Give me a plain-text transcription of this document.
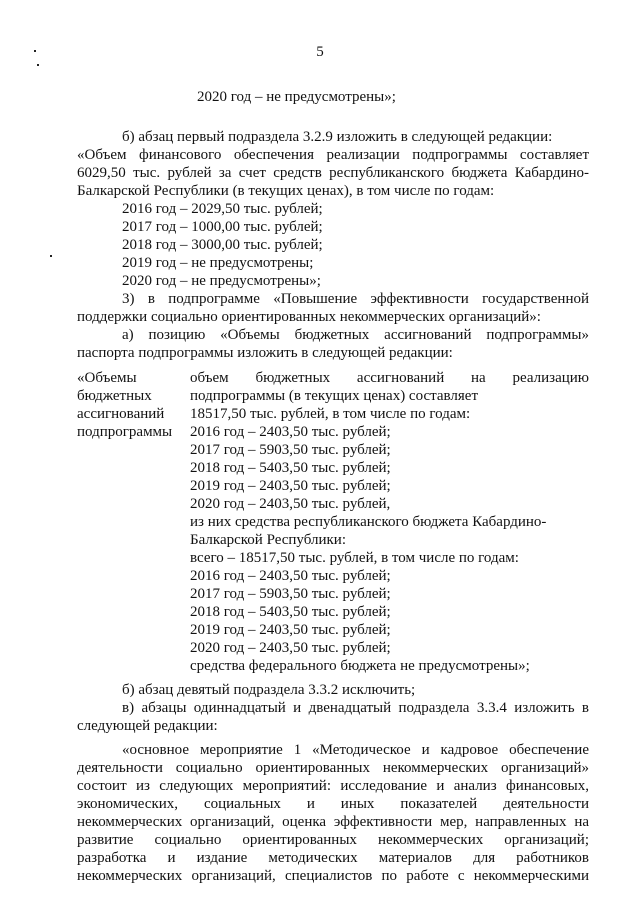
5
2020 год – не предусмотрены»;
б) абзац первый подраздела 3.2.9 изложить в следующей редакции:
«Объем финансового обеспечения реализации подпрограммы составляет
6029,50 тыс. рублей за счет средств республиканского бюджета Кабардино-
Балкарской Республики (в текущих ценах), в том числе по годам:
2016 год – 2029,50 тыс. рублей;
2017 год – 1000,00 тыс. рублей;
2018 год – 3000,00 тыс. рублей;
2019 год – не предусмотрены;
2020 год – не предусмотрены»;
3) в подпрограмме «Повышение эффективности государственной
поддержки социально ориентированных некоммерческих организаций»:
а) позицию «Объемы бюджетных ассигнований подпрограммы»
паспорта подпрограммы изложить в следующей редакции:
«Объемы
бюджетных
ассигнований
подпрограммы
объем бюджетных ассигнований на реализацию
подпрограммы (в текущих ценах) составляет
18517,50 тыс. рублей, в том числе по годам:
2016 год – 2403,50 тыс. рублей;
2017 год – 5903,50 тыс. рублей;
2018 год – 5403,50 тыс. рублей;
2019 год – 2403,50 тыс. рублей;
2020 год – 2403,50 тыс. рублей,
из них средства республиканского бюджета Кабардино-
Балкарской Республики:
всего – 18517,50 тыс. рублей, в том числе по годам:
2016 год – 2403,50 тыс. рублей;
2017 год – 5903,50 тыс. рублей;
2018 год – 5403,50 тыс. рублей;
2019 год – 2403,50 тыс. рублей;
2020 год – 2403,50 тыс. рублей;
средства федерального бюджета не предусмотрены»;
б) абзац девятый подраздела 3.3.2 исключить;
в) абзацы одиннадцатый и двенадцатый подраздела 3.3.4 изложить в
следующей редакции:
«основное мероприятие 1 «Методическое и кадровое обеспечение
деятельности социально ориентированных некоммерческих организаций»
состоит из следующих мероприятий: исследование и анализ финансовых,
экономических, социальных и иных показателей деятельности
некоммерческих организаций, оценка эффективности мер, направленных на
развитие социально ориентированных некоммерческих организаций;
разработка и издание методических материалов для работников
некоммерческих организаций, специалистов по работе с некоммерческими
